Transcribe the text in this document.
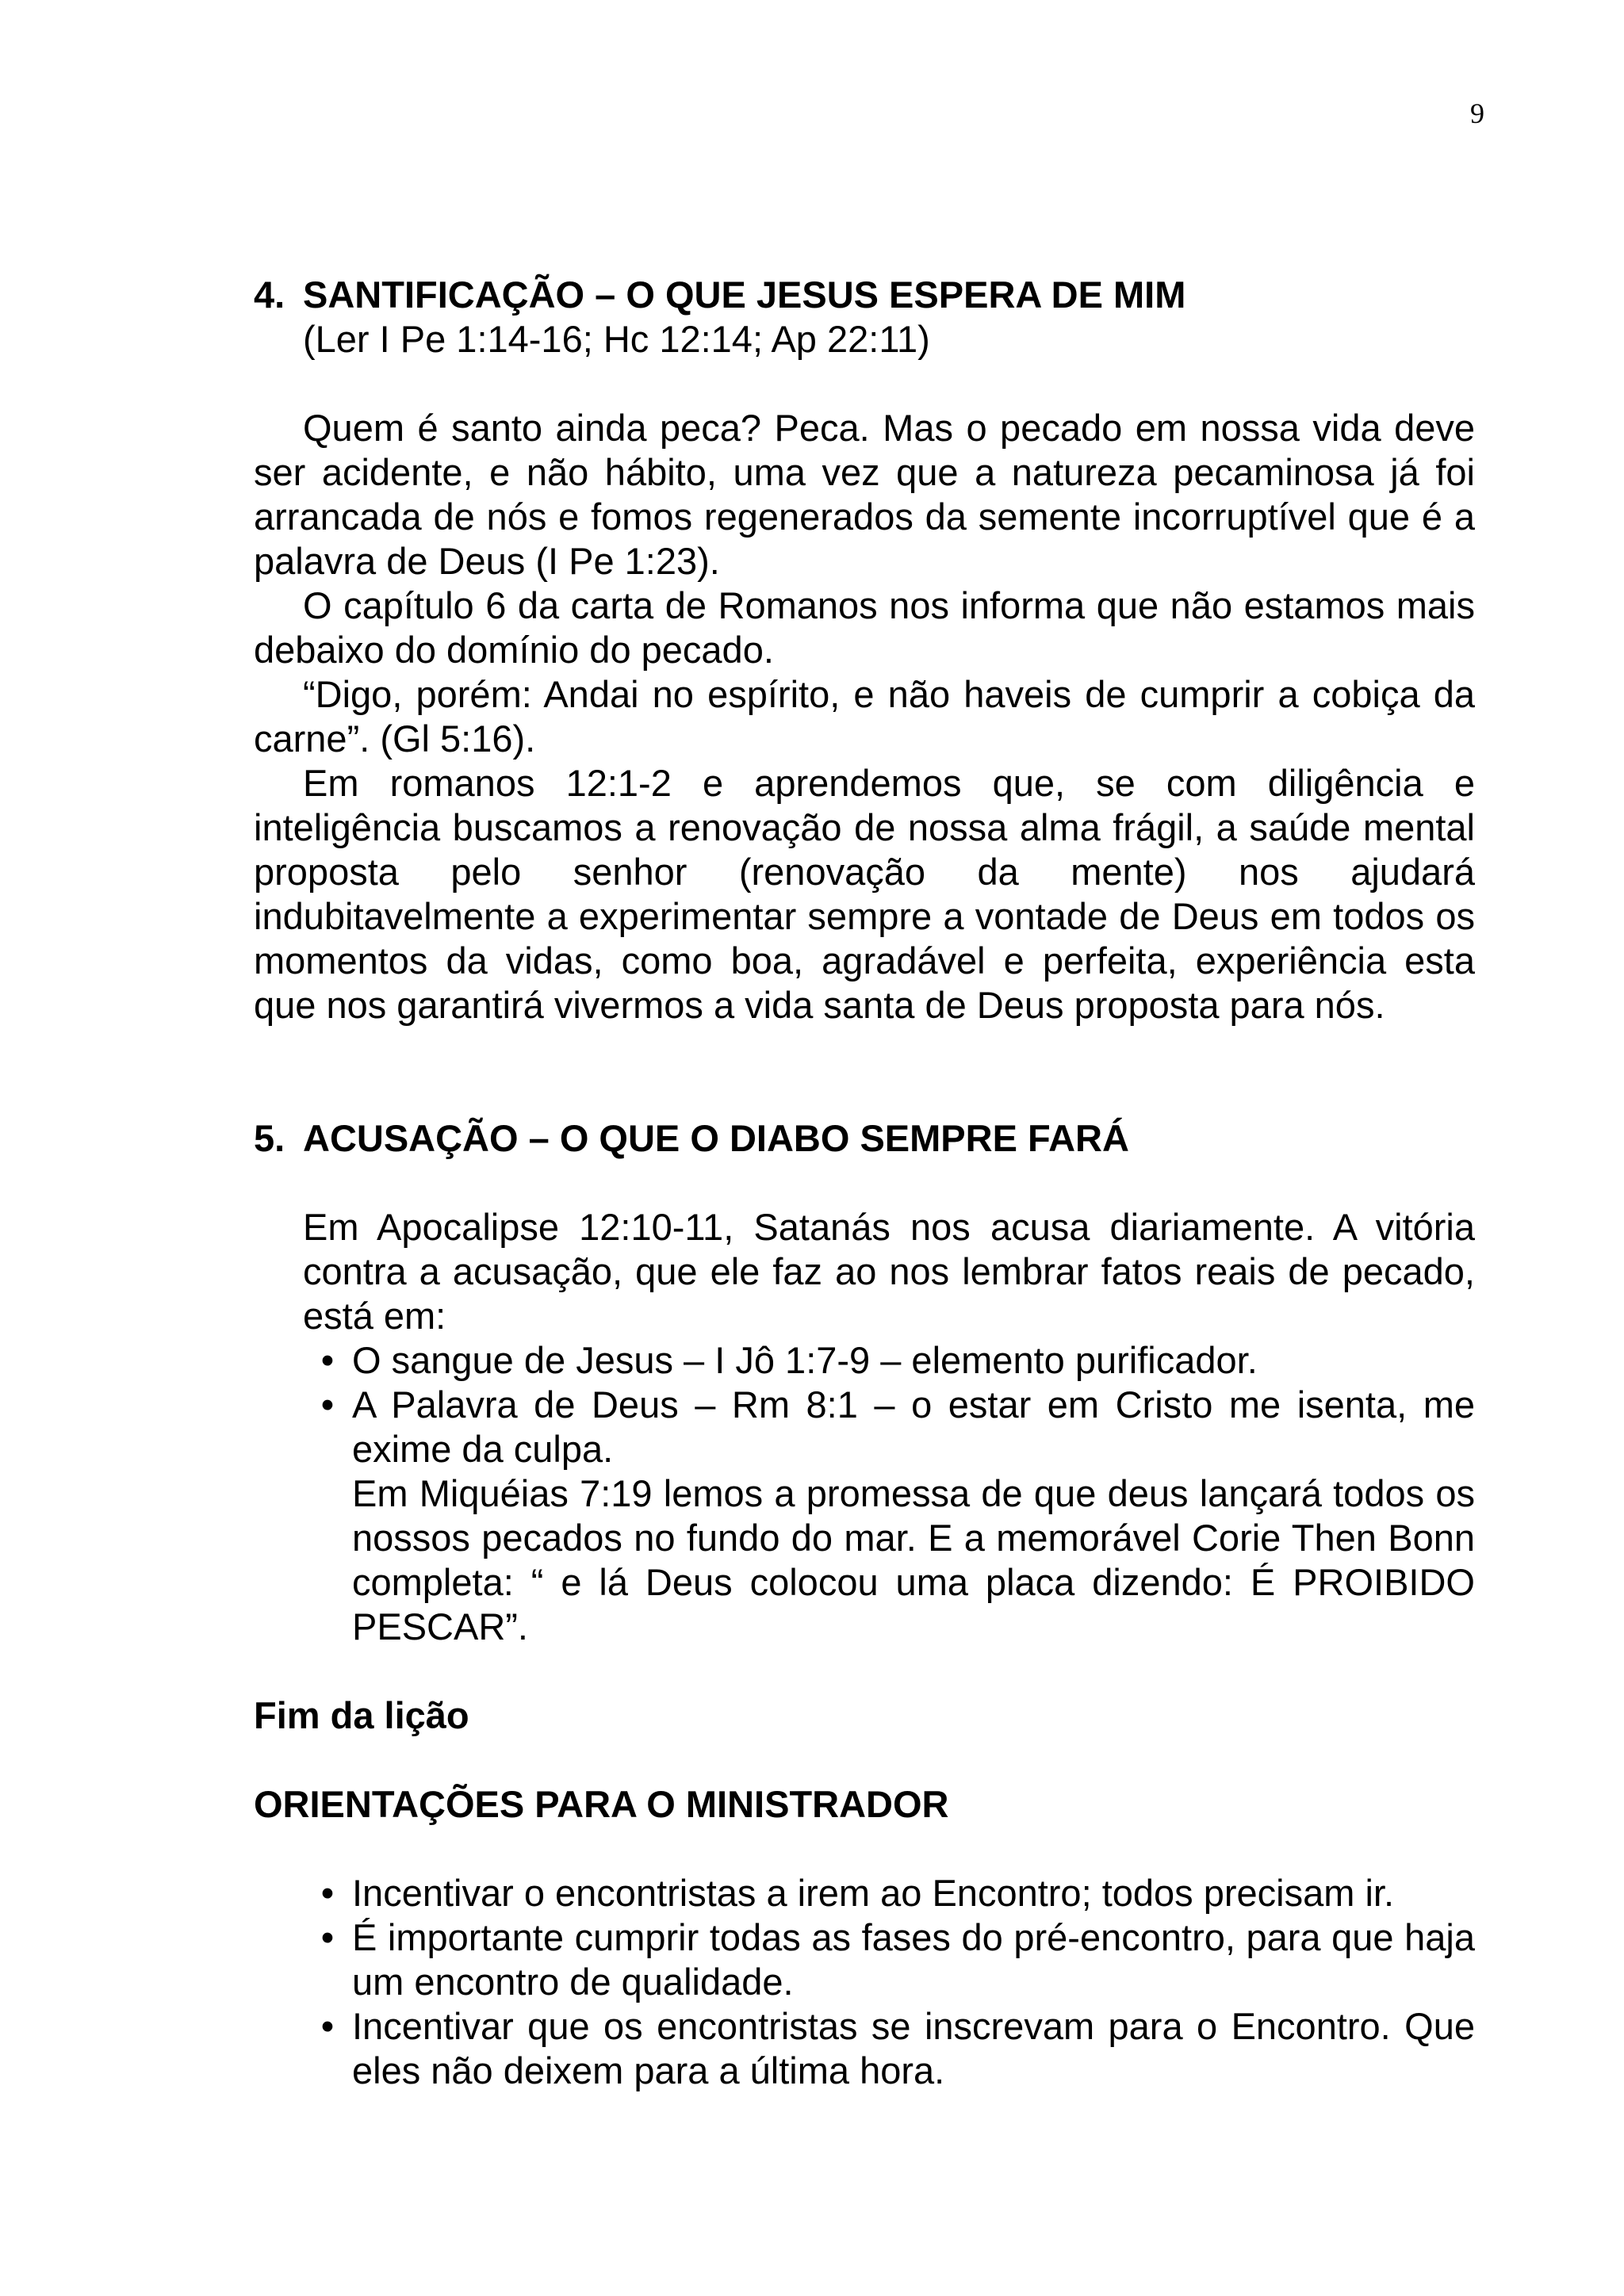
9
4. SANTIFICAÇÃO – O QUE JESUS ESPERA DE MIM
(Ler I Pe 1:14-16; Hc 12:14; Ap 22:11)

Quem é santo ainda peca? Peca. Mas o pecado em nossa vida deve ser acidente, e não hábito, uma vez que a natureza pecaminosa já foi arrancada de nós e fomos regenerados da semente incorruptível que é a palavra de Deus (I Pe 1:23).

O capítulo 6 da carta de Romanos nos informa que não estamos mais debaixo do domínio do pecado.

“Digo, porém: Andai no espírito, e não haveis de cumprir a cobiça da carne”. (Gl 5:16).

Em romanos 12:1-2 e aprendemos que, se com diligência e inteligência buscamos a renovação de nossa alma frágil, a saúde mental proposta pelo senhor (renovação da mente) nos ajudará indubitavelmente a experimentar sempre a vontade de Deus em todos os momentos da vidas, como boa, agradável e perfeita, experiência esta que nos garantirá vivermos a vida santa de Deus proposta para nós.

5. ACUSAÇÃO – O QUE O DIABO SEMPRE FARÁ

Em Apocalipse 12:10-11, Satanás nos acusa diariamente. A vitória contra a acusação, que ele faz ao nos lembrar fatos reais de pecado, está em:

• O sangue de Jesus – I Jô 1:7-9 – elemento purificador.
• A Palavra de Deus – Rm 8:1 – o estar em Cristo me isenta, me exime da culpa.

Em Miquéias 7:19 lemos a promessa de que deus lançará todos os nossos pecados no fundo do mar. E a memorável Corie Then Bonn completa: “ e lá Deus colocou uma placa dizendo: É PROIBIDO PESCAR”.

Fim da lição
ORIENTAÇÕES PARA O MINISTRADOR
• Incentivar o encontristas a irem ao Encontro; todos precisam ir.
• É importante cumprir todas as fases do pré-encontro, para que haja um encontro de qualidade.
• Incentivar que os encontristas se inscrevam para o Encontro. Que eles não deixem para a última hora.
